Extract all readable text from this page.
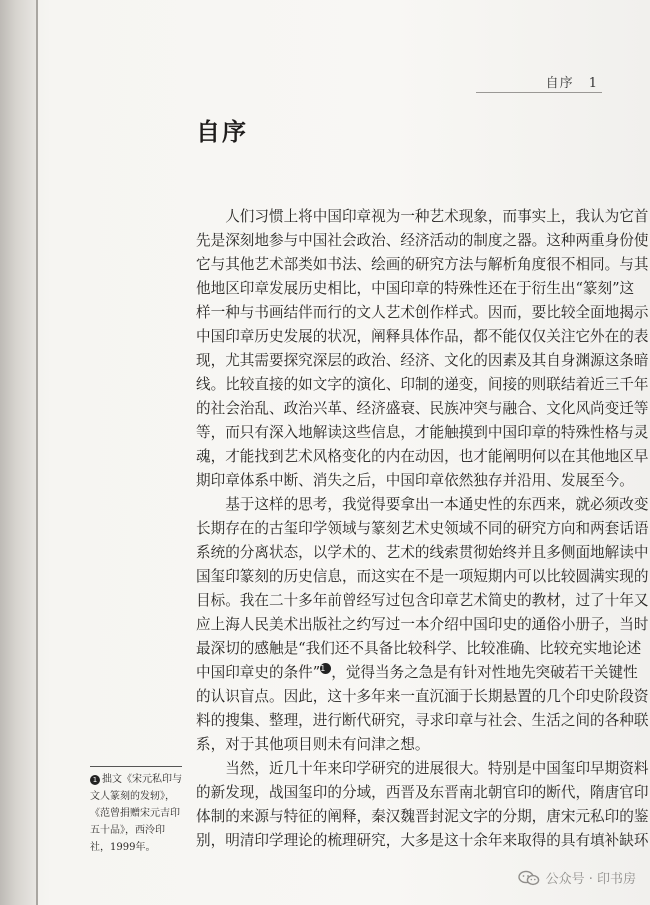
自序 1
自序
　　人们习惯上将中国印章视为一种艺术现象，而事实上，我认为它首
先是深刻地参与中国社会政治、经济活动的制度之器。这种两重身份使
它与其他艺术部类如书法、绘画的研究方法与解析角度很不相同。与其
他地区印章发展历史相比，中国印章的特殊性还在于衍生出“篆刻”这
样一种与书画结伴而行的文人艺术创作样式。因而，要比较全面地揭示
中国印章历史发展的状况，阐释具体作品，都不能仅仅关注它外在的表
现，尤其需要探究深层的政治、经济、文化的因素及其自身渊源这条暗
线。比较直接的如文字的演化、印制的递变，间接的则联结着近三千年
的社会治乱、政治兴革、经济盛衰、民族冲突与融合、文化风尚变迁等
等，而只有深入地解读这些信息，才能触摸到中国印章的特殊性格与灵
魂，才能找到艺术风格变化的内在动因，也才能阐明何以在其他地区早
期印章体系中断、消失之后，中国印章依然独存并沿用、发展至今。
　　基于这样的思考，我觉得要拿出一本通史性的东西来，就必须改变
长期存在的古玺印学领域与篆刻艺术史领域不同的研究方向和两套话语
系统的分离状态，以学术的、艺术的线索贯彻始终并且多侧面地解读中
国玺印篆刻的历史信息，而这实在不是一项短期内可以比较圆满实现的
目标。我在二十多年前曾经写过包含印章艺术简史的教材，过了十年又
应上海人民美术出版社之约写过一本介绍中国印史的通俗小册子，当时
最深切的感触是“我们还不具备比较科学、比较准确、比较充实地论述
中国印章史的条件”1 ，觉得当务之急是有针对性地先突破若干关键性
的认识盲点。因此，这十多年来一直沉湎于长期悬置的几个印史阶段资
料的搜集、整理，进行断代研究，寻求印章与社会、生活之间的各种联
系，对于其他项目则未有问津之想。
　　当然，近几十年来印学研究的进展很大。特别是中国玺印早期资料
的新发现，战国玺印的分域，西晋及东晋南北朝官印的断代，隋唐官印
体制的来源与特征的阐释，秦汉魏晋封泥文字的分期，唐宋元私印的鉴
别，明清印学理论的梳理研究，大多是这十余年来取得的具有填补缺环
1 拙文《宋元私印与
文人篆刻的发轫》，
《范曾捐赠宋元吉印
五十品》，西泠印
社，1999年。
公众号 · 印书房
